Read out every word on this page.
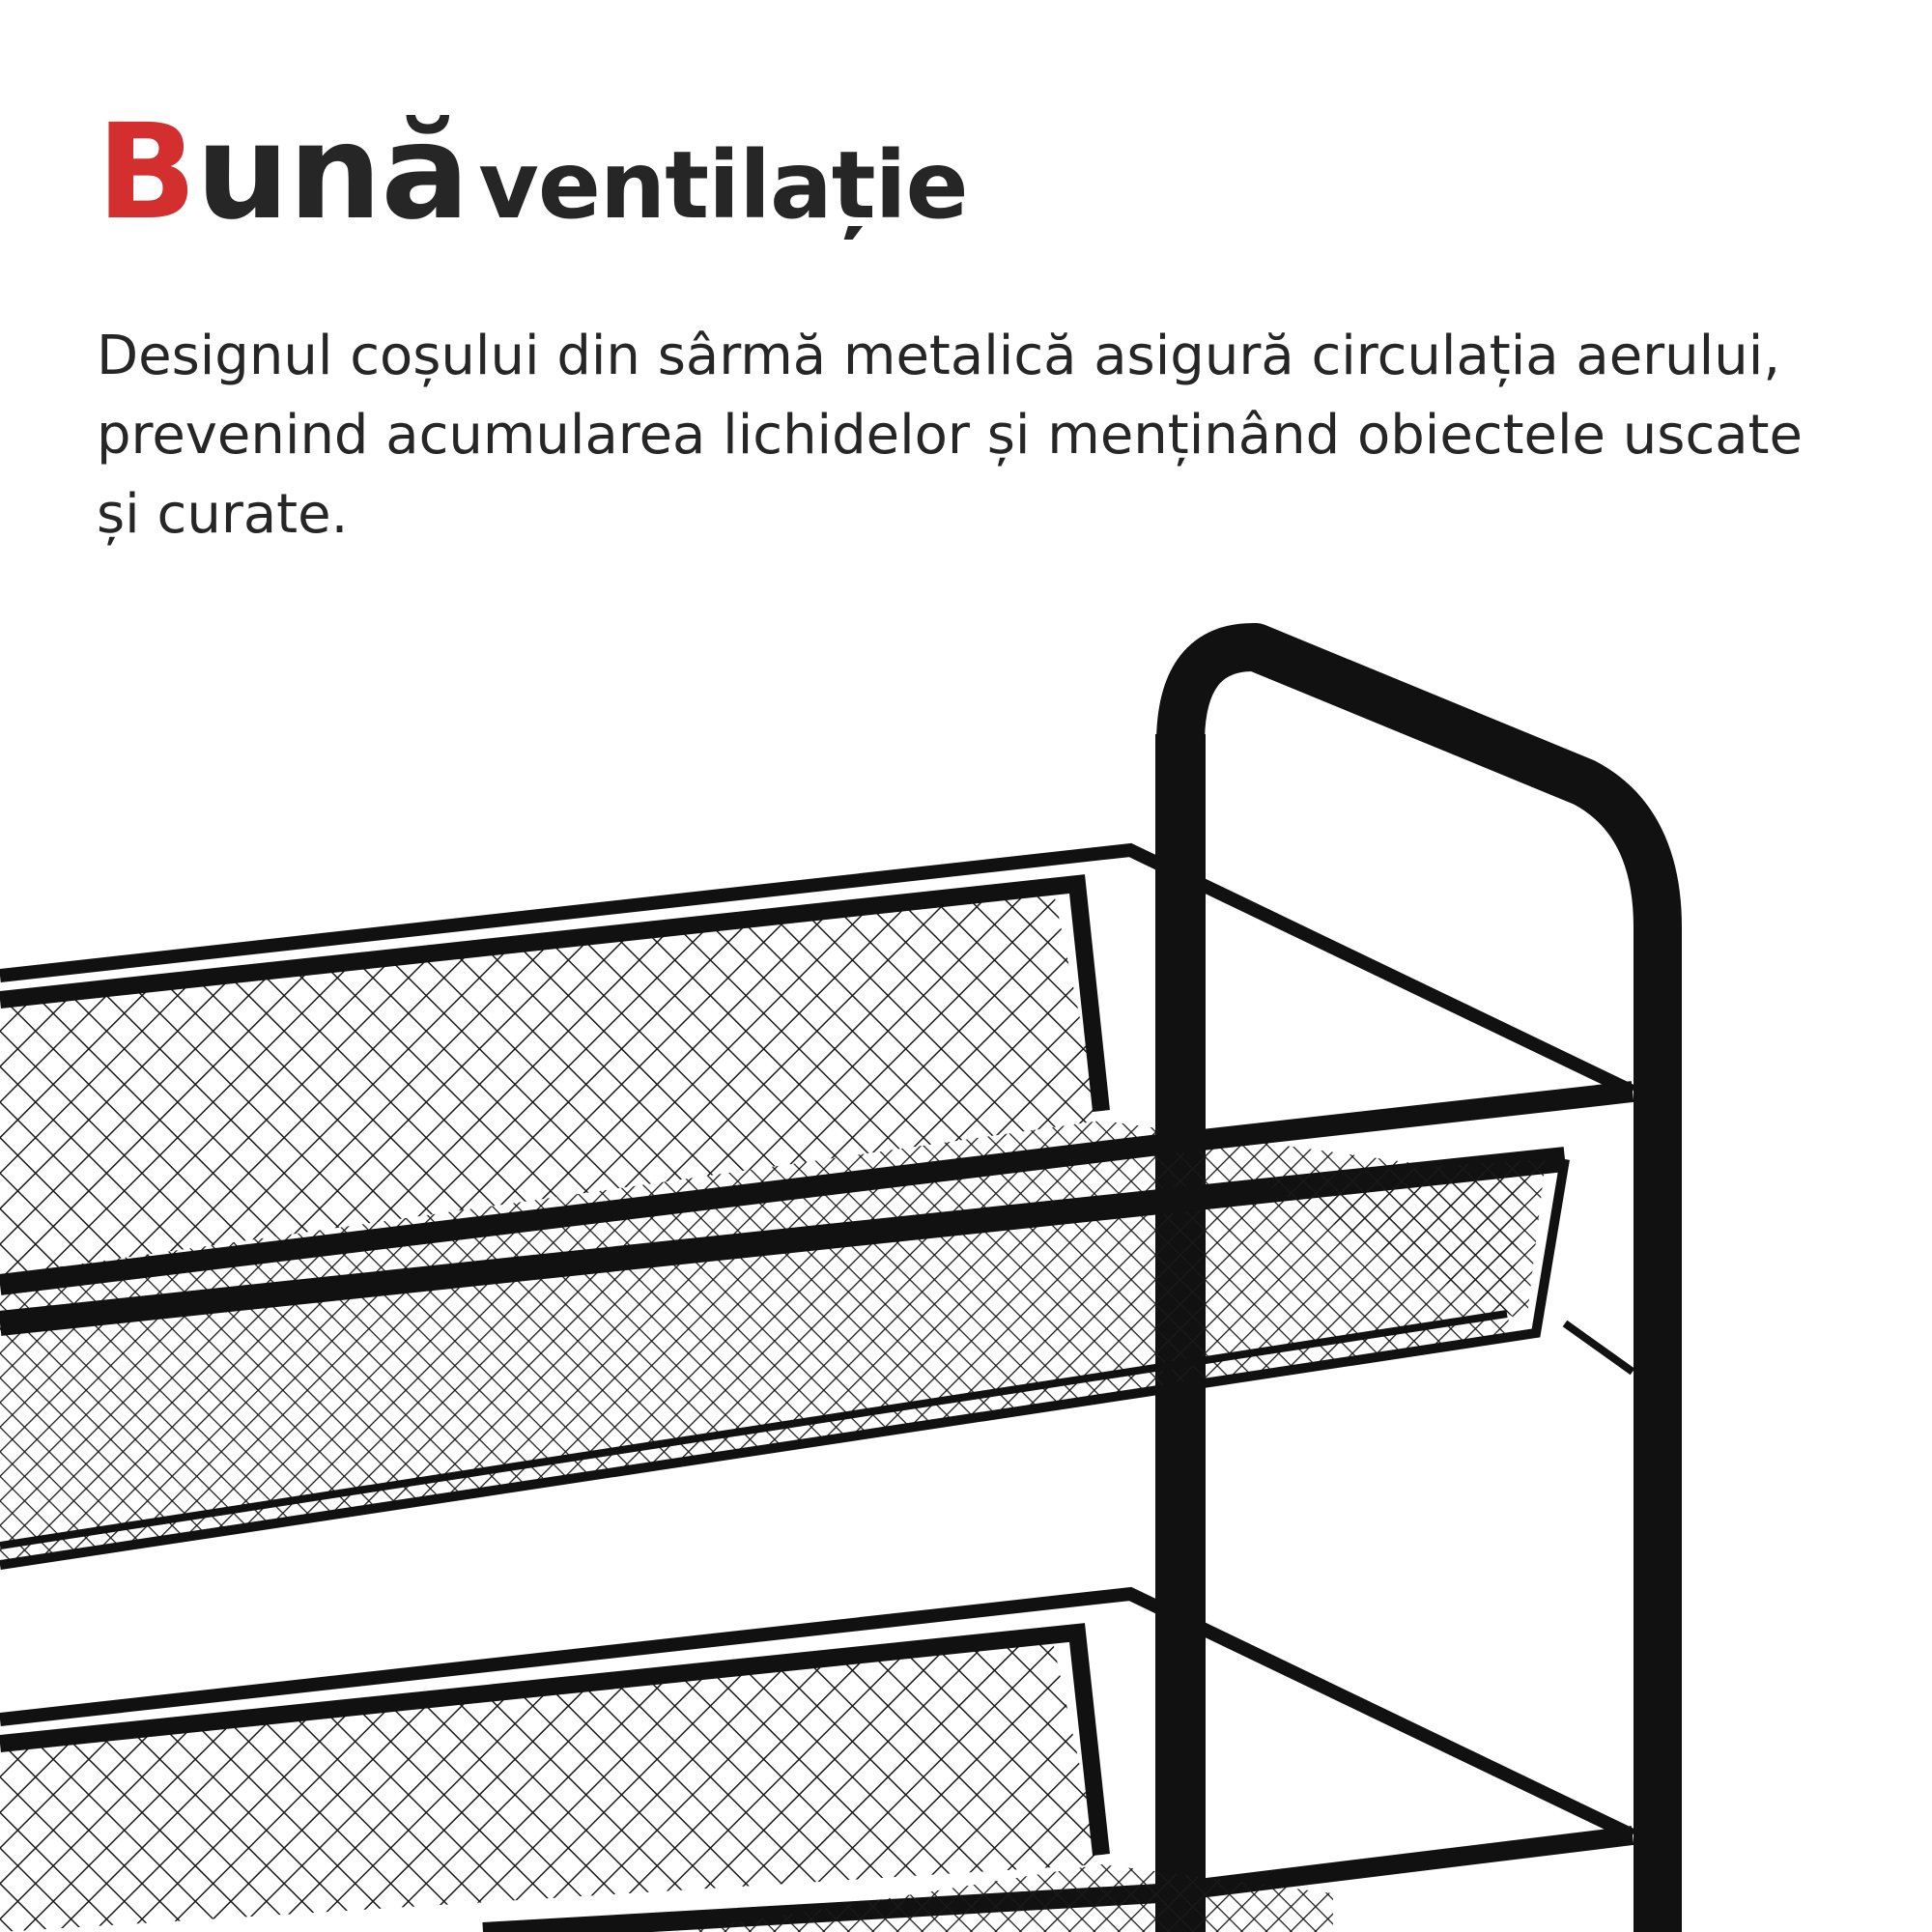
Bună ventilație

Designul coșului din sârmă metalică asigură circulația aerului, prevenind acumularea lichidelor și menținând obiectele uscate și curate.
